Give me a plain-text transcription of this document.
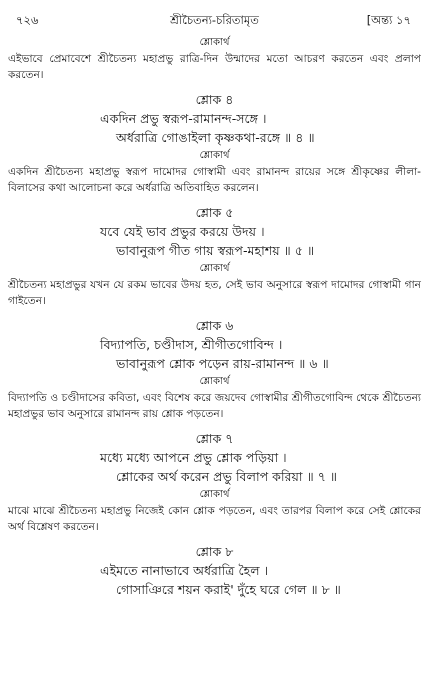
৭২৬	শ্রীচৈতন্য-চরিতামৃত	[অন্ত্য ১৭
শ্লোকার্থ
এইভাবে প্রেমাবেশে শ্রীচৈতন্য মহাপ্রভু রাত্রি-দিন উন্মাদের মতো আচরণ করতেন এবং প্রলাপ করতেন।
শ্লোক ৪
একদিন প্রভু স্বরূপ-রামানন্দ-সঙ্গে ।
অর্ধরাত্রি গোঙাইলা কৃষ্ণকথা-রঙ্গে ॥ ৪ ॥
শ্লোকার্থ
একদিন শ্রীচৈতন্য মহাপ্রভু স্বরূপ দামোদর গোস্বামী এবং রামানন্দ রায়ের সঙ্গে শ্রীকৃষ্ণের লীলা-বিলাসের কথা আলোচনা করে অর্ধরাত্রি অতিবাহিত করলেন।
শ্লোক ৫
যবে যেই ভাব প্রভুর করয়ে উদয় ।
ভাবানুরূপ গীত গায় স্বরূপ-মহাশয় ॥ ৫ ॥
শ্লোকার্থ
শ্রীচৈতন্য মহাপ্রভুর যখন যে রকম ভাবের উদয় হত, সেই ভাব অনুসারে স্বরূপ দামোদর গোস্বামী গান গাইতেন।
শ্লোক ৬
বিদ্যাপতি, চণ্ডীদাস, শ্রীগীতগোবিন্দ ।
ভাবানুরূপ শ্লোক পড়েন রায়-রামানন্দ ॥ ৬ ॥
শ্লোকার্থ
বিদ্যাপতি ও চণ্ডীদাসের কবিতা, এবং বিশেষ করে জয়দেব গোস্বামীর শ্রীগীতগোবিন্দ থেকে শ্রীচৈতন্য মহাপ্রভুর ভাব অনুসারে রামানন্দ রায় শ্লোক পড়তেন।
শ্লোক ৭
মধ্যে মধ্যে আপনে প্রভু শ্লোক পড়িয়া ।
শ্লোকের অর্থ করেন প্রভু বিলাপ করিয়া ॥ ৭ ॥
শ্লোকার্থ
মাঝে মাঝে শ্রীচৈতন্য মহাপ্রভু নিজেই কোন শ্লোক পড়তেন, এবং তারপর বিলাপ করে সেই শ্লোকের অর্থ বিশ্লেষণ করতেন।
শ্লোক ৮
এইমতে নানাভাবে অর্ধরাত্রি হৈল ।
গোসাঞিরে শয়ন করাই' দুঁহে ঘরে গেল ॥ ৮ ॥
